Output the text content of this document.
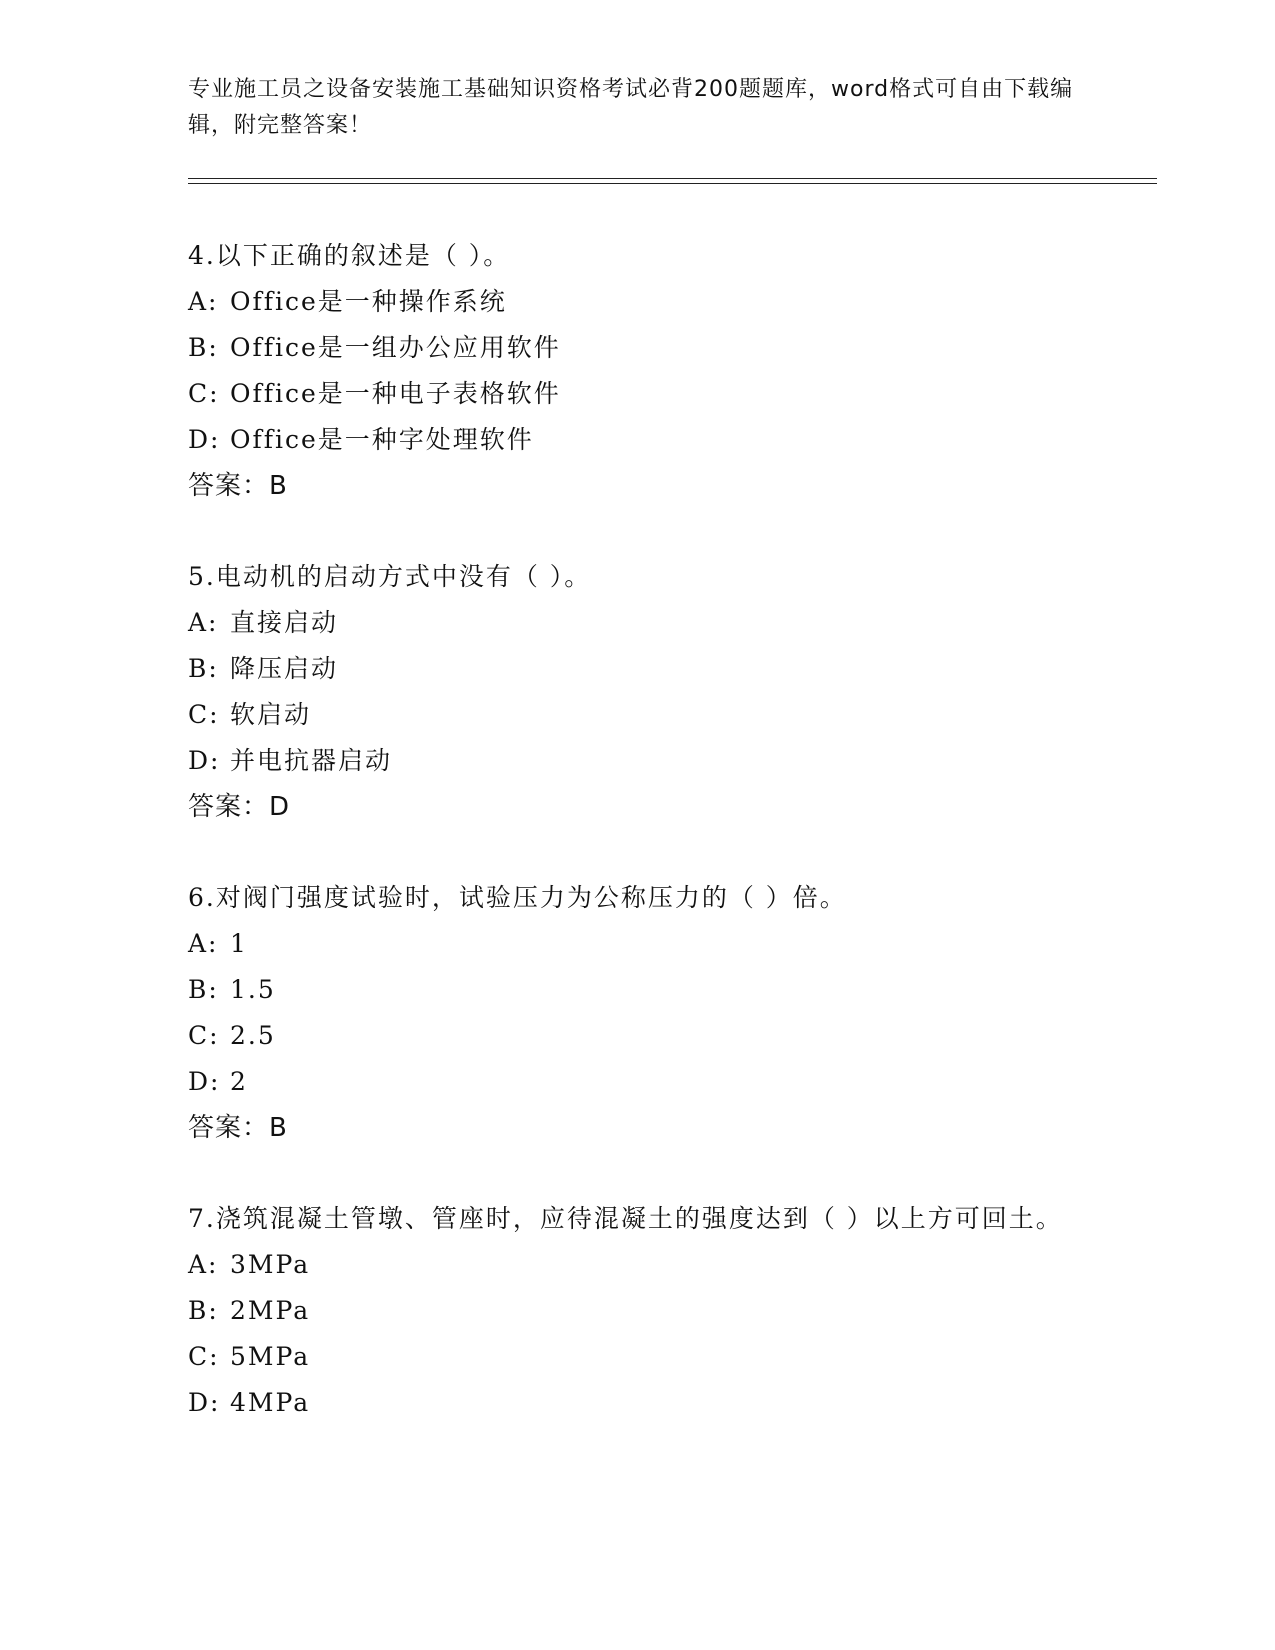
专业施工员之设备安装施工基础知识资格考试必背200题题库，word格式可自由下载编辑，附完整答案！
4.以下正确的叙述是（ ）。
A: Office是一种操作系统
B: Office是一组办公应用软件
C: Office是一种电子表格软件
D: Office是一种字处理软件
答案：B
5.电动机的启动方式中没有（ ）。
A: 直接启动
B: 降压启动
C: 软启动
D: 并电抗器启动
答案：D
6.对阀门强度试验时，试验压力为公称压力的（ ）倍。
A: 1
B: 1.5
C: 2.5
D: 2
答案：B
7.浇筑混凝土管墩、管座时，应待混凝土的强度达到（ ）以上方可回土。
A: 3MPa
B: 2MPa
C: 5MPa
D: 4MPa
